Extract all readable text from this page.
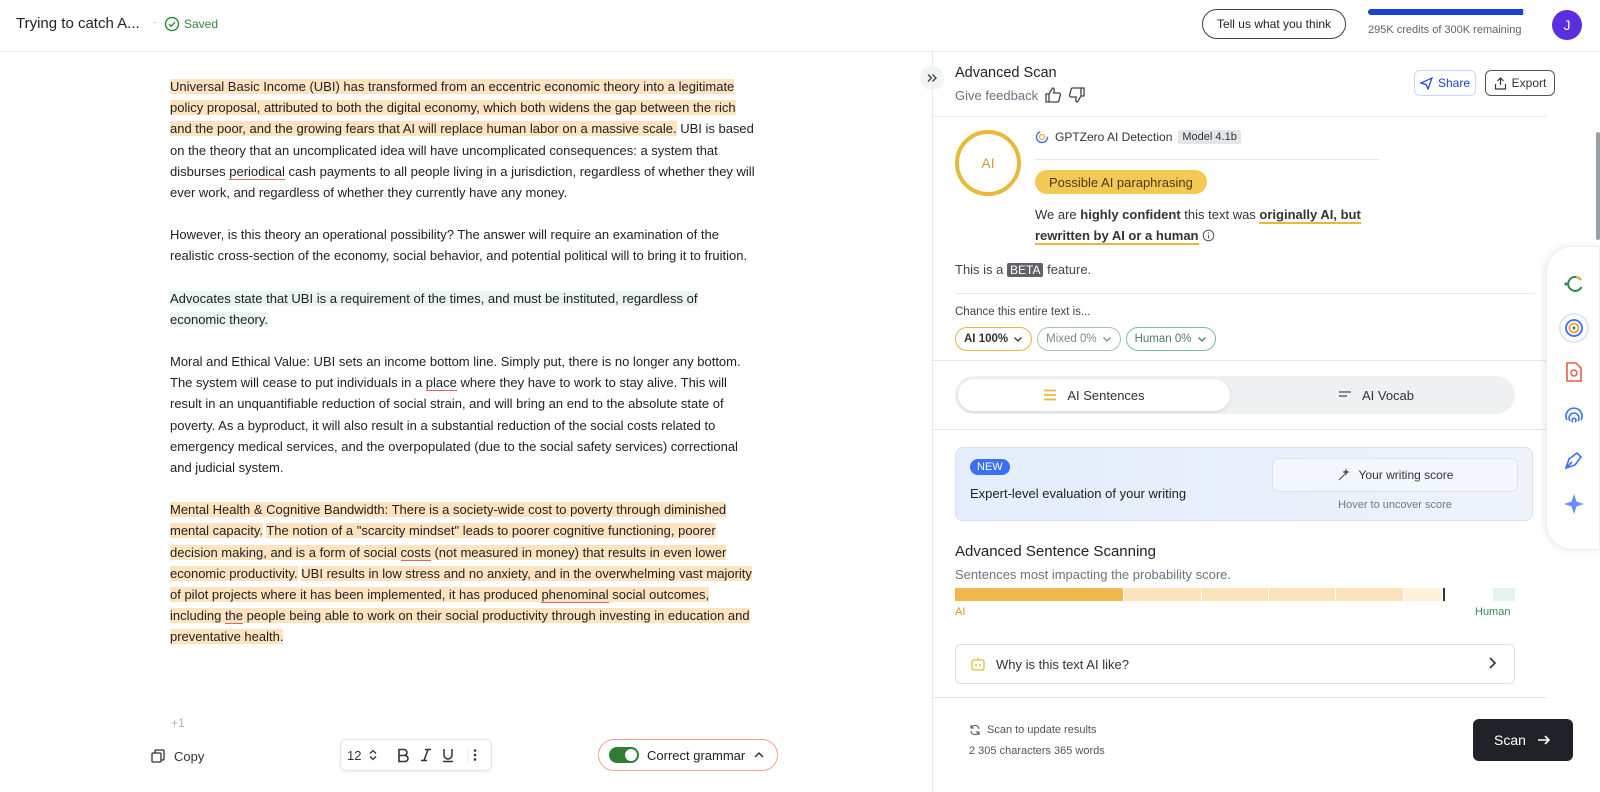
Trying to catch A... · Saved	Tell us what you think	295K credits of 300K remaining	J

Universal Basic Income (UBI) has transformed from an eccentric economic theory into a legitimate policy proposal, attributed to both the digital economy, which both widens the gap between the rich and the poor, and the growing fears that AI will replace human labor on a massive scale. UBI is based on the theory that an uncomplicated idea will have uncomplicated consequences: a system that disburses periodical cash payments to all people living in a jurisdiction, regardless of whether they will ever work, and regardless of whether they currently have any money.

However, is this theory an operational possibility? The answer will require an examination of the realistic cross-section of the economy, social behavior, and potential political will to bring it to fruition.

Advocates state that UBI is a requirement of the times, and must be instituted, regardless of economic theory.

Moral and Ethical Value: UBI sets an income bottom line. Simply put, there is no longer any bottom. The system will cease to put individuals in a place where they have to work to stay alive. This will result in an unquantifiable reduction of social strain, and will bring an end to the absolute state of poverty. As a byproduct, it will also result in a substantial reduction of the social costs related to emergency medical services, and the overpopulated (due to the social safety services) correctional and judicial system.

Mental Health & Cognitive Bandwidth: There is a society-wide cost to poverty through diminished mental capacity. The notion of a "scarcity mindset" leads to poorer cognitive functioning, poorer decision making, and is a form of social costs (not measured in money) that results in even lower economic productivity. UBI results in low stress and no anxiety, and in the overwhelming vast majority of pilot projects where it has been implemented, it has produced phenominal social outcomes, including the people being able to work on their social productivity through investing in education and preventative health.

+1
Copy	12	Correct grammar
Advanced Scan
Give feedback
Share	Export
AI
GPTZero AI Detection Model 4.1b
Possible AI paraphrasing
We are highly confident this text was originally AI, but rewritten by AI or a human
This is a BETA feature.
Chance this entire text is...
AI 100%	Mixed 0%	Human 0%
AI Sentences	AI Vocab
NEW
Expert-level evaluation of your writing
Your writing score
Hover to uncover score
Advanced Sentence Scanning
Sentences most impacting the probability score.
AI	Human
Why is this text AI like?
Scan to update results
2 305 characters 365 words
Scan
